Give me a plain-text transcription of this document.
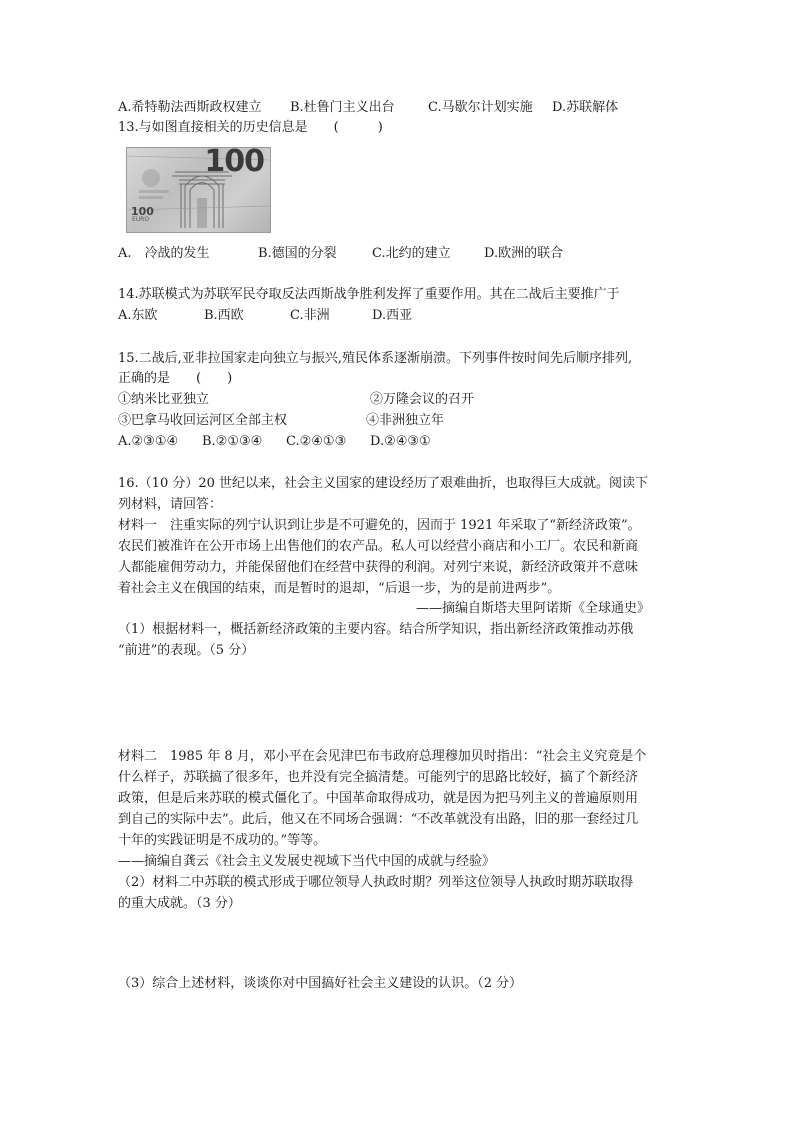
A.希特勒法西斯政权建立 B.杜鲁门主义出台	C.马歇尔计划实施 D.苏联解体
13.与如图直接相关的历史信息是　　(　　　)
100
100
EURO
A.　冷战的发生	B.德国的分裂	C.北约的建立	D.欧洲的联合
14.苏联模式为苏联军民夺取反法西斯战争胜利发挥了重要作用。其在二战后主要推广于
A.东欧	B.西欧	C.非洲	D.西亚
15.二战后,亚非拉国家走向独立与振兴,殖民体系逐渐崩溃。下列事件按时间先后顺序排列,
正确的是　　(　　)
①纳米比亚独立	②万隆会议的召开
③巴拿马收回运河区全部主权	④非洲独立年
A.②③①④ B.②①③④ C.②④①③ D.②④③①
16.（10 分）20 世纪以来，社会主义国家的建设经历了艰难曲折，也取得巨大成就。阅读下
列材料，请回答：
材料一　注重实际的列宁认识到让步是不可避免的，因而于 1921 年采取了“新经济政策”。
农民们被准许在公开市场上出售他们的农产品。私人可以经营小商店和小工厂。农民和新商
人都能雇佣劳动力，并能保留他们在经营中获得的利润。对列宁来说，新经济政策并不意味
着社会主义在俄国的结束，而是暂时的退却，“后退一步，为的是前进两步”。
——摘编自斯塔夫里阿诺斯《全球通史》
（1）根据材料一，概括新经济政策的主要内容。结合所学知识，指出新经济政策推动苏俄
“前进”的表现。（5 分）
材料二　1985 年 8 月，邓小平在会见津巴布韦政府总理穆加贝时指出：“社会主义究竟是个
什么样子，苏联搞了很多年，也并没有完全搞清楚。可能列宁的思路比较好，搞了个新经济
政策，但是后来苏联的模式僵化了。中国革命取得成功，就是因为把马列主义的普遍原则用
到自己的实际中去”。此后，他又在不同场合强调：“不改革就没有出路，旧的那一套经过几
十年的实践证明是不成功的。”等等。
——摘编自龚云《社会主义发展史视域下当代中国的成就与经验》
（2）材料二中苏联的模式形成于哪位领导人执政时期？列举这位领导人执政时期苏联取得
的重大成就。（3 分）
（3）综合上述材料，谈谈你对中国搞好社会主义建设的认识。（2 分）
